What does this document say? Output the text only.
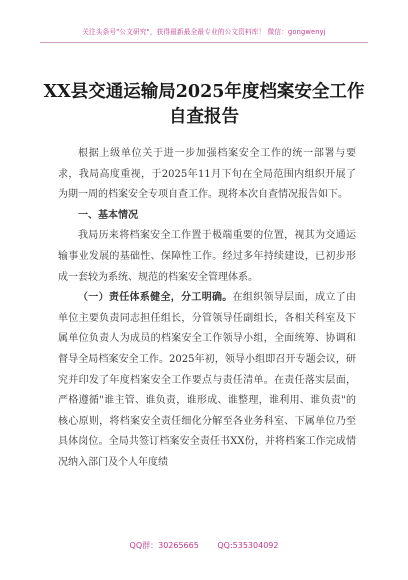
关注头条号"公文研究"，获得最新最全最专业的公文资料库！ 微信：gongwenyj
XX县交通运输局2025年度档案安全工作
自查报告

根据上级单位关于进一步加强档案安全工作的统一部署与要求，我局高度重视，于2025年11月下旬在全局范围内组织开展了为期一周的档案安全专项自查工作。现将本次自查情况报告如下。

一、基本情况

我局历来将档案安全工作置于极端重要的位置，视其为交通运输事业发展的基础性、保障性工作。经过多年持续建设，已初步形成一套较为系统、规范的档案安全管理体系。

（一）责任体系健全，分工明确。在组织领导层面，成立了由单位主要负责同志担任组长，分管领导任副组长，各相关科室及下属单位负责人为成员的档案安全工作领导小组，全面统筹、协调和督导全局档案安全工作。2025年初，领导小组即召开专题会议，研究并印发了年度档案安全工作要点与责任清单。在责任落实层面，严格遵循"谁主管、谁负责，谁形成、谁整理，谁利用、谁负责"的核心原则，将档案安全责任细化分解至各业务科室、下属单位乃至具体岗位。全局共签订档案安全责任书XX份，并将档案工作完成情况纳入部门及个人年度绩

QQ群：30265665 QQ:535304092
